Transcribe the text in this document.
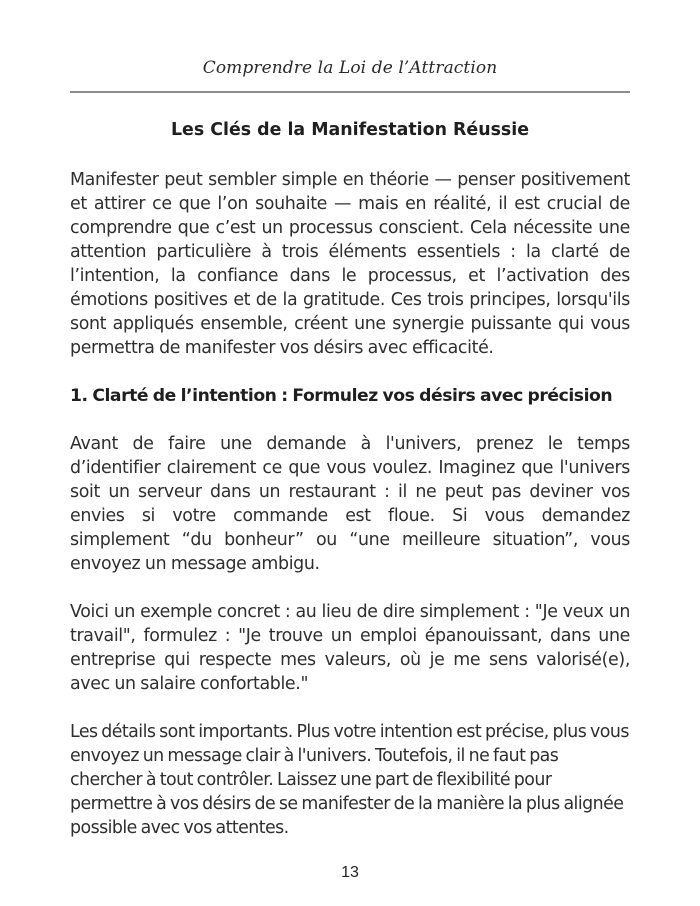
Comprendre la Loi de l’Attraction
Les Clés de la Manifestation Réussie

Manifester peut sembler simple en théorie — penser positivement et attirer ce que l’on souhaite — mais en réalité, il est crucial de comprendre que c’est un processus conscient. Cela nécessite une attention particulière à trois éléments essentiels : la clarté de l’intention, la confiance dans le processus, et l’activation des émotions positives et de la gratitude. Ces trois principes, lorsqu'ils sont appliqués ensemble, créent une synergie puissante qui vous permettra de manifester vos désirs avec efficacité.

1. Clarté de l’intention : Formulez vos désirs avec précision

Avant de faire une demande à l'univers, prenez le temps d’identifier clairement ce que vous voulez. Imaginez que l'univers soit un serveur dans un restaurant : il ne peut pas deviner vos envies si votre commande est floue. Si vous demandez simplement “du bonheur” ou “une meilleure situation”, vous envoyez un message ambigu.

Voici un exemple concret : au lieu de dire simplement : "Je veux un travail", formulez : "Je trouve un emploi épanouissant, dans une entreprise qui respecte mes valeurs, où je me sens valorisé(e), avec un salaire confortable."

Les détails sont importants. Plus votre intention est précise, plus vous envoyez un message clair à l'univers. Toutefois, il ne faut pas chercher à tout contrôler. Laissez une part de flexibilité pour permettre à vos désirs de se manifester de la manière la plus alignée possible avec vos attentes.

13
